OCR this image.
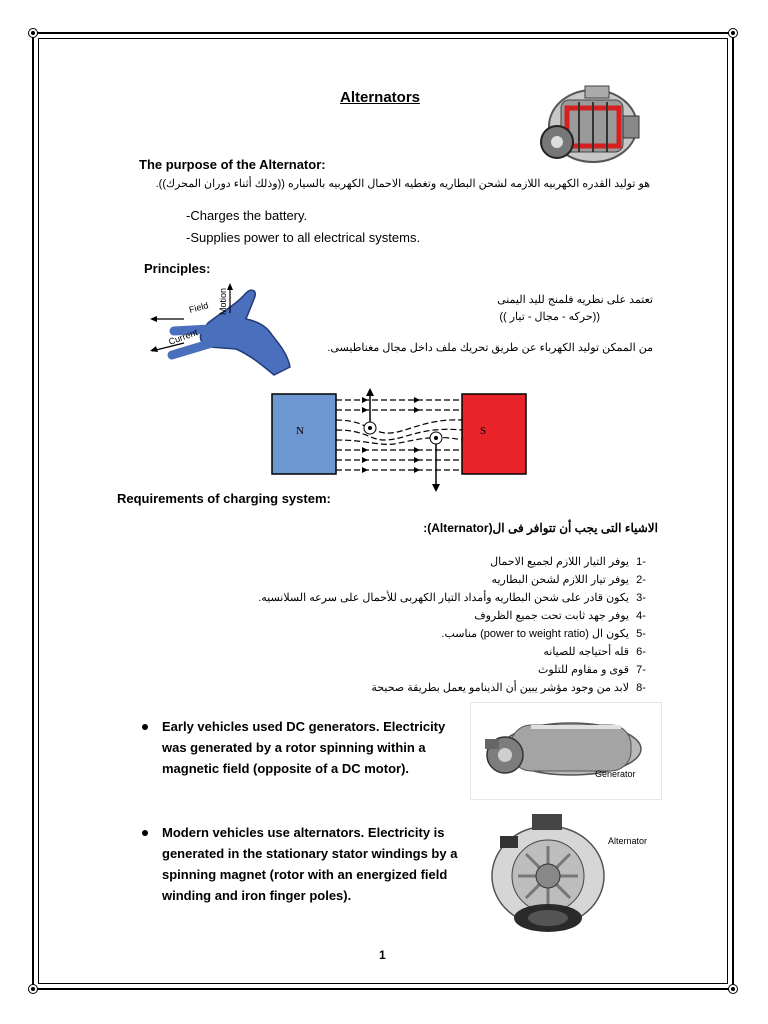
Alternators
The purpose of the Alternator:
هو توليد القدره الكهربيه اللازمه لشحن البطاريه وتغطيه الاحمال الكهربيه بالسياره ((وذلك أثناء دوران المحرك)).
-Charges the battery.
-Supplies power to all electrical systems.
Principles:
Field Motion
Current
تعتمد على نظريه فلمنج لليد اليمنى
((حركه - مجال - تيار ))
من الممكن توليد الكهرباء عن طريق تحريك ملف داخل مجال مغناطيسى.
N	S
Requirements of charging system:
الاشياء التى يجب أن تتوافر فى ال(Alternator):
-1يوفر التيار اللازم لجميع الاحمال
-2يوفر تيار اللازم لشحن البطاريه
-3يكون قادر على شحن البطاريه وأمداد التيار الكهربى للأحمال على سرعه السلانسيه.
-4يوفر جهد ثابت تحت جميع الظروف
-5يكون ال (power to weight ratio) مناسب.
-6قله أحتياجه للصيانه
-7قوى و مقاوم للتلوث
-8لابد من وجود مؤشر يبين أن الدينامو يعمل بطريقة صحيحة
Early vehicles used DC generators. Electricity was generated by a rotor spinning within a magnetic field (opposite of a DC motor).	Generator
Modern vehicles use alternators. Electricity is generated in the stationary stator windings by a spinning magnet (rotor with an energized field winding and iron finger poles).
Alternator
1
